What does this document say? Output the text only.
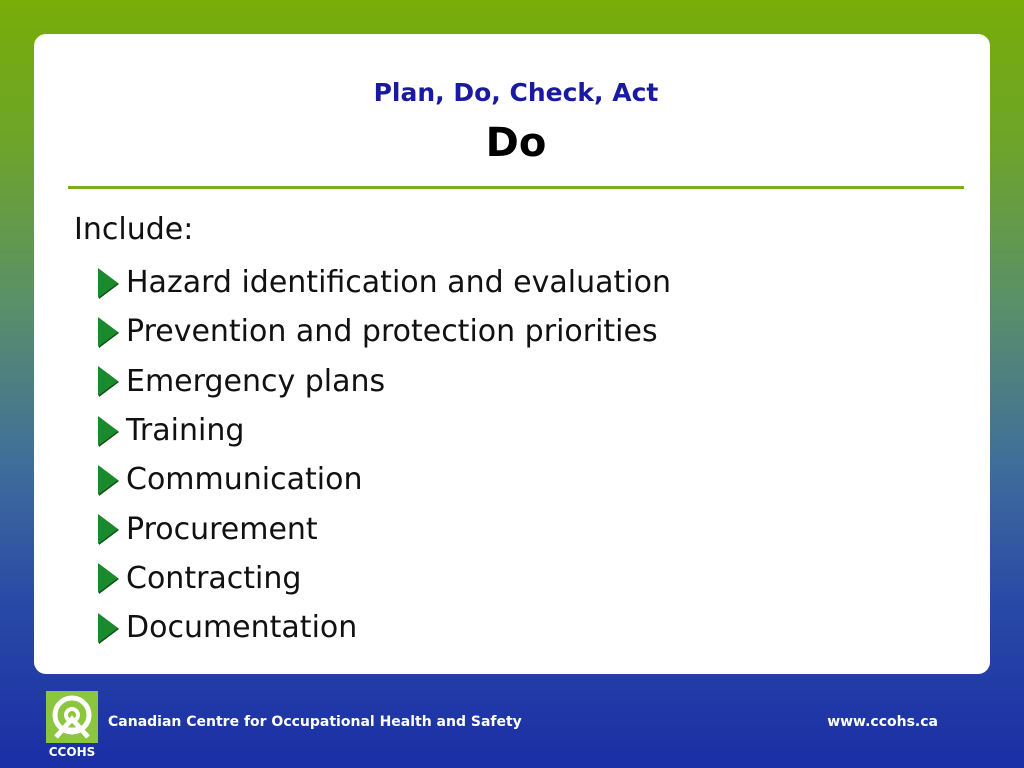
Plan, Do, Check, Act
Do
Include:
Hazard identification and evaluation
Prevention and protection priorities
Emergency plans
Training
Communication
Procurement
Contracting
Documentation
CCOHS
Canadian Centre for Occupational Health and Safety	www.ccohs.ca
